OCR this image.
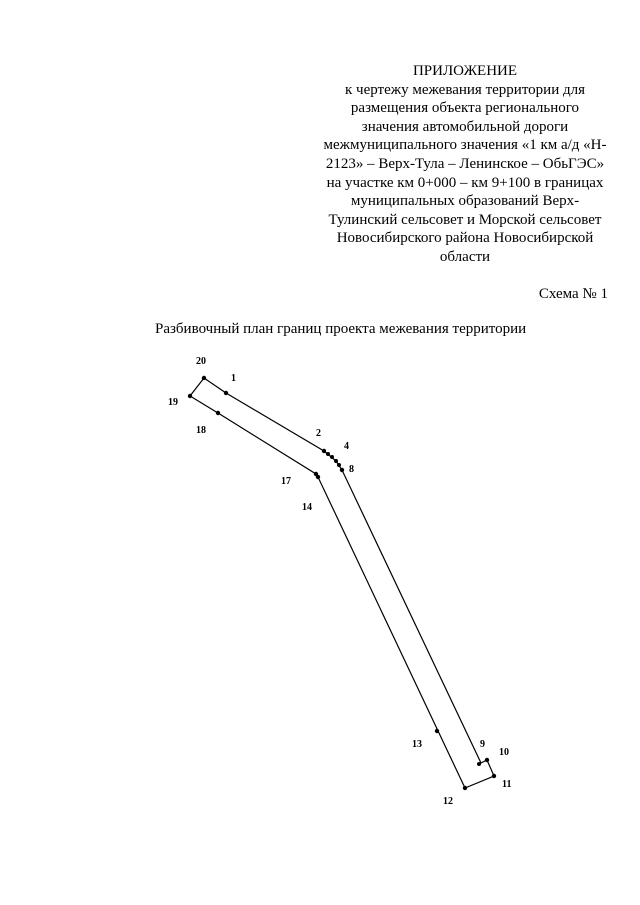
ПРИЛОЖЕНИЕ
к чертежу межевания территории для
размещения объекта регионального
значения автомобильной дороги
межмуниципального значения «1 км а/д «Н-
2123» – Верх-Тула – Ленинское – ОбьГЭС»
на участке км 0+000 – км 9+100 в границах
муниципальных образований Верх-
Тулинский сельсовет и Морской сельсовет
Новосибирского района Новосибирской
области
Схема № 1
Разбивочный план границ проекта межевания территории
20
1
19
18	2
4
8
17
14
13	9
10
11
12
